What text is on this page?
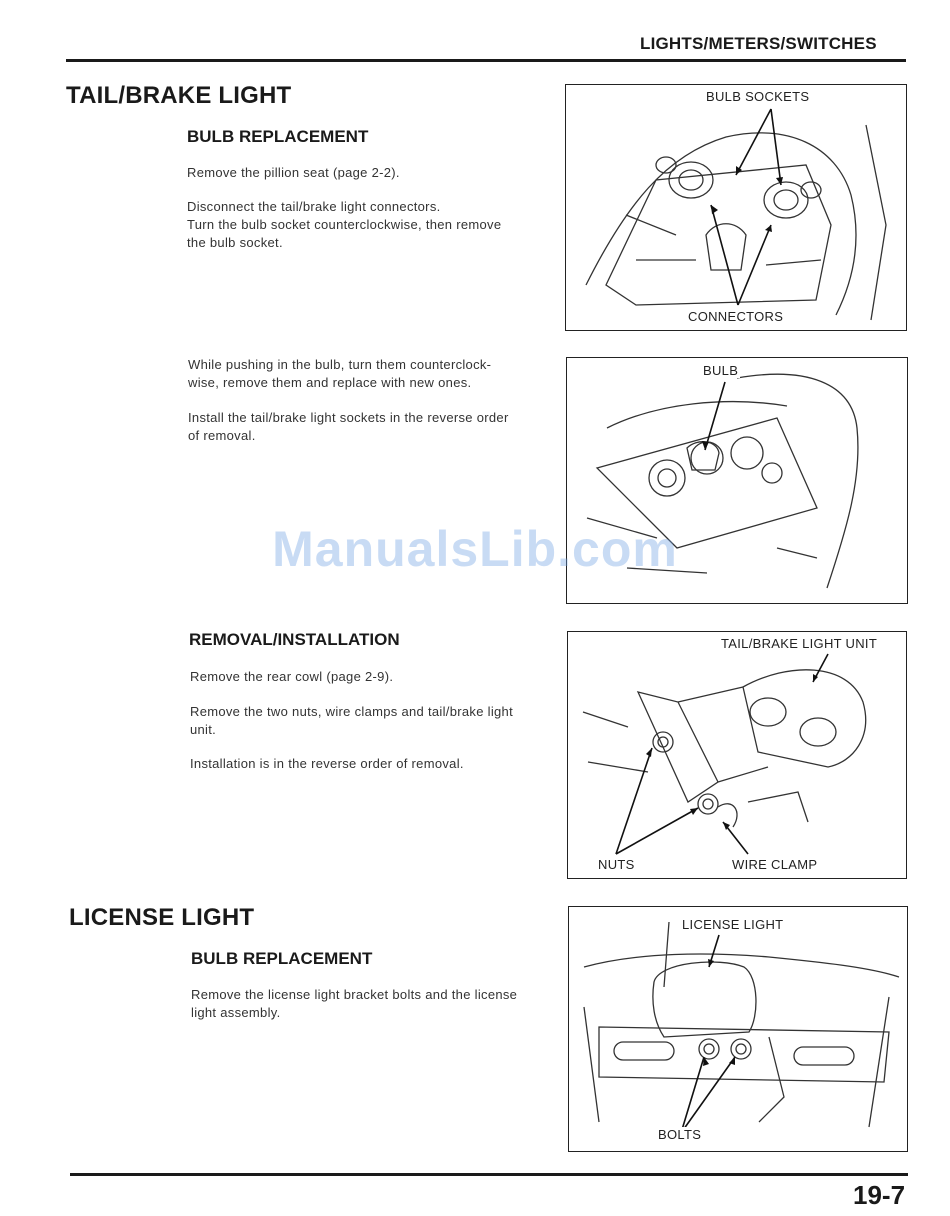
LIGHTS/METERS/SWITCHES
TAIL/BRAKE LIGHT
BULB REPLACEMENT
Remove the pillion seat (page 2-2).
Disconnect the tail/brake light connectors.
Turn the bulb socket counterclockwise, then remove
the bulb socket.
While pushing in the bulb, turn them counterclock-
wise, remove them and replace with new ones.
Install the tail/brake light sockets in the reverse order
of removal.
REMOVAL/INSTALLATION
Remove the rear cowl (page 2-9).
Remove the two nuts, wire clamps and tail/brake light
unit.
Installation is in the reverse order of removal.
LICENSE LIGHT
BULB REPLACEMENT
Remove the license light bracket bolts and the license
light assembly.
BULB SOCKETS
CONNECTORS
BULB
TAIL/BRAKE LIGHT UNIT
NUTS	WIRE CLAMP
LICENSE LIGHT
BOLTS
ManualsLib.com
19-7
